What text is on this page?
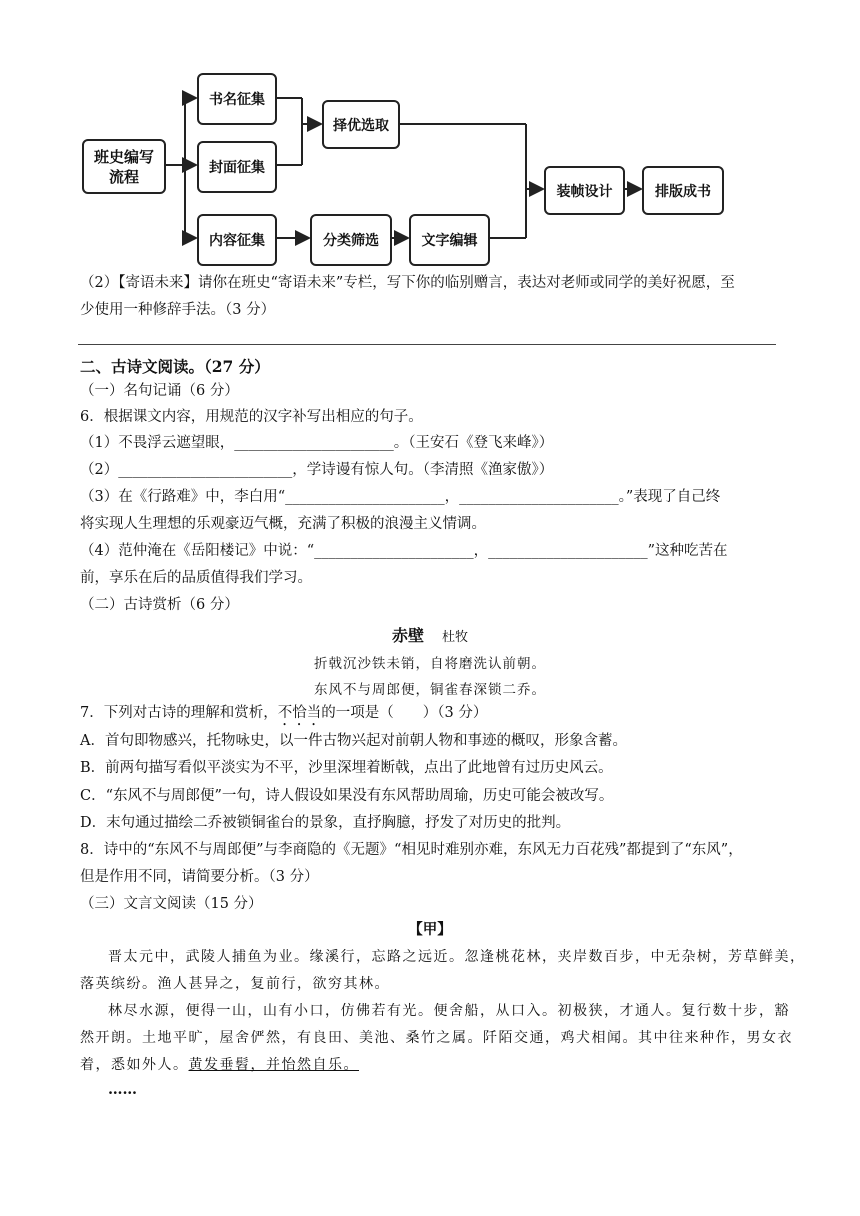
班史编写
流程
书名征集
封面征集
内容征集
择优选取
分类筛选	文字编辑
装帧设计	排版成书
（2）【寄语未来】请你在班史“寄语未来”专栏，写下你的临别赠言，表达对老师或同学的美好祝愿，至
少使用一种修辞手法。（3 分）
二、古诗文阅读。（27 分）
（一）名句记诵（6 分）
6．根据课文内容，用规范的汉字补写出相应的句子。
（1）不畏浮云遮望眼，______________________。（王安石《登飞来峰》）
（2）________________________，学诗谩有惊人句。（李清照《渔家傲》）
（3）在《行路难》中，李白用“______________________，______________________。”表现了自己终
将实现人生理想的乐观豪迈气概，充满了积极的浪漫主义情调。
（4）范仲淹在《岳阳楼记》中说：“______________________，______________________”这种吃苦在
前，享乐在后的品质值得我们学习。
（二）古诗赏析（6 分）
赤壁 杜牧
折戟沉沙铁未销，自将磨洗认前朝。
东风不与周郎便，铜雀春深锁二乔。
7．下列对古诗的理解和赏析，不恰当的一项是（　　）（3 分）
A．首句即物感兴，托物咏史，以一件古物兴起对前朝人物和事迹的概叹，形象含蓄。
B．前两句描写看似平淡实为不平，沙里深埋着断戟，点出了此地曾有过历史风云。
C．“东风不与周郎便”一句，诗人假设如果没有东风帮助周瑜，历史可能会被改写。
D．末句通过描绘二乔被锁铜雀台的景象，直抒胸臆，抒发了对历史的批判。
8．诗中的“东风不与周郎便”与李商隐的《无题》“相见时难别亦难，东风无力百花残”都提到了“东风”，
但是作用不同，请简要分析。（3 分）
（三）文言文阅读（15 分）
【甲】
晋太元中，武陵人捕鱼为业。缘溪行，忘路之远近。忽逢桃花林，夹岸数百步，中无杂树，芳草鲜美，
落英缤纷。渔人甚异之，复前行，欲穷其林。
林尽水源，便得一山，山有小口，仿佛若有光。便舍船，从口入。初极狭，才通人。复行数十步，豁
然开朗。土地平旷，屋舍俨然，有良田、美池、桑竹之属。阡陌交通，鸡犬相闻。其中往来种作，男女衣
着，悉如外人。黄发垂髫，并怡然自乐。
……
